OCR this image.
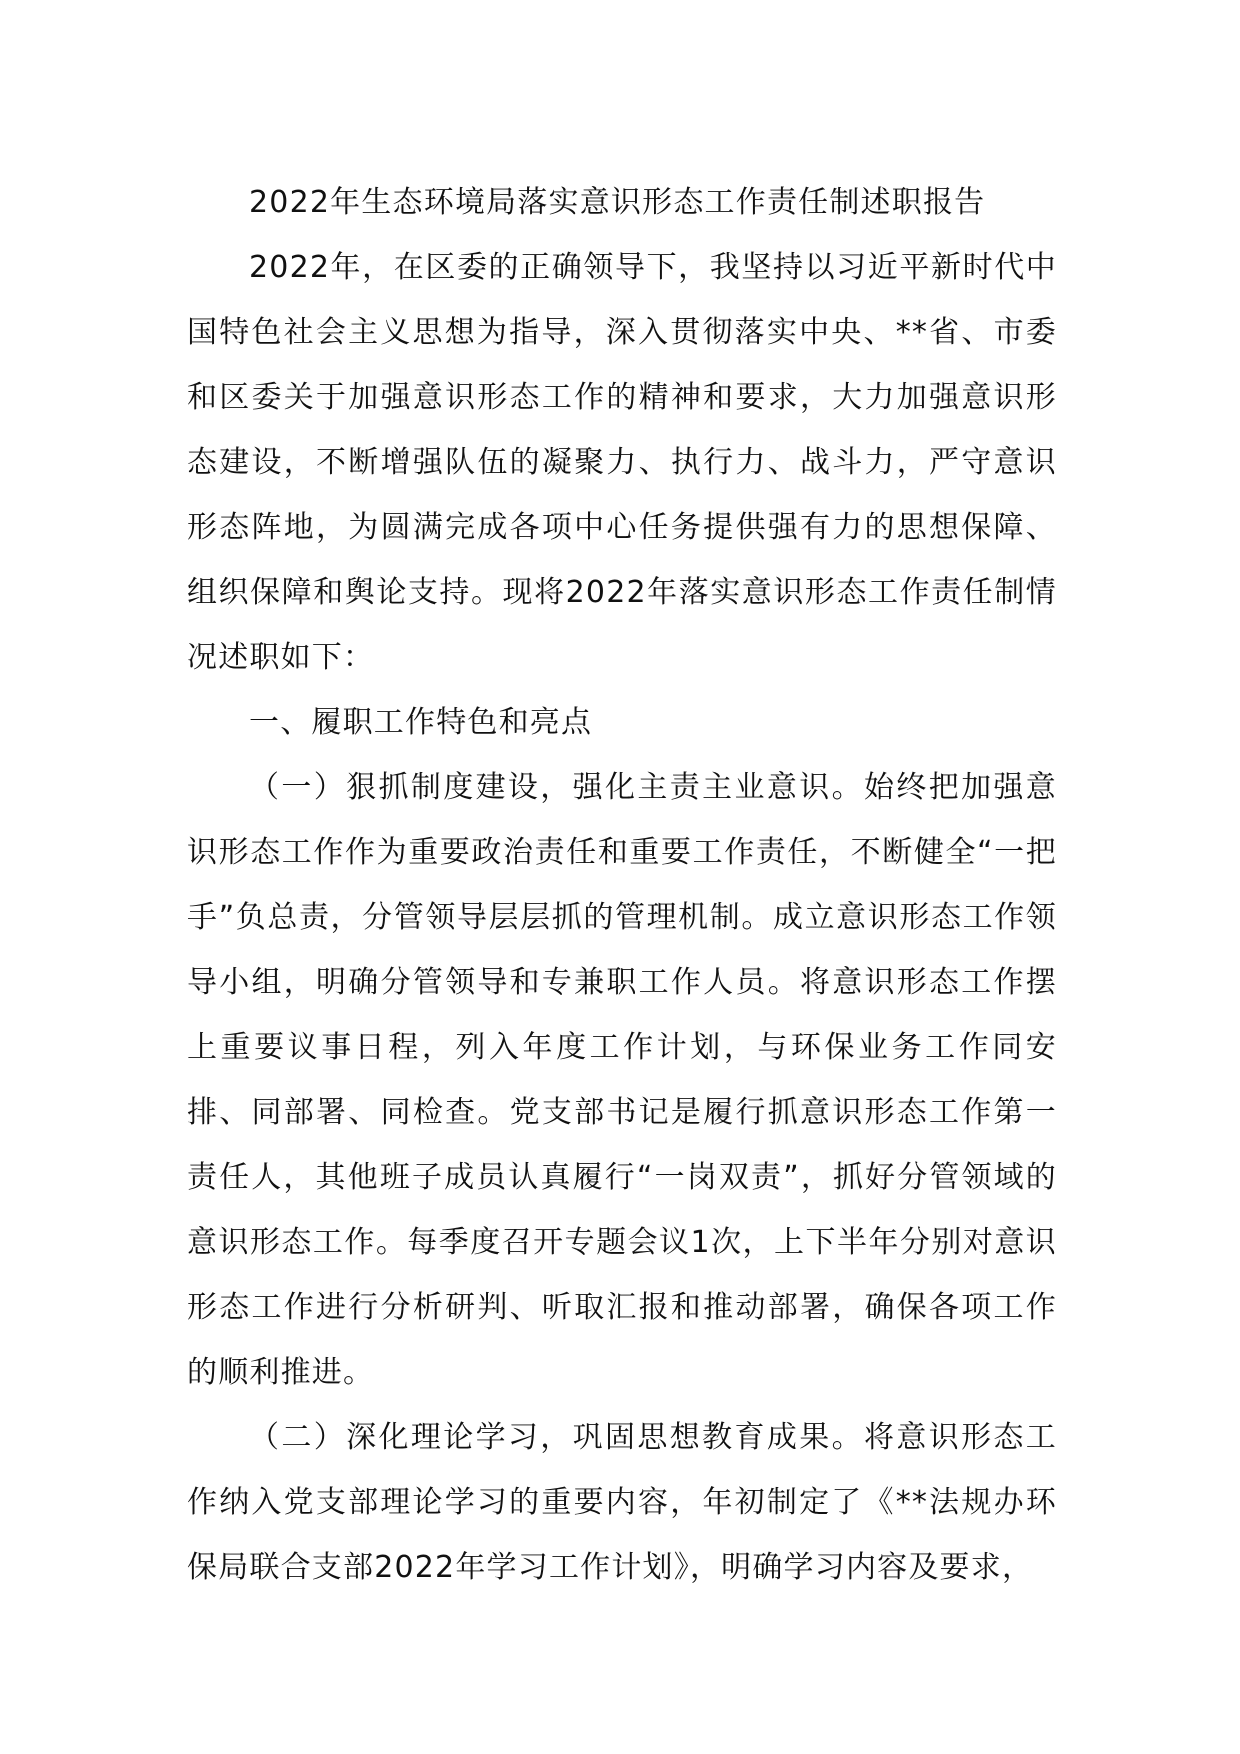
2022年生态环境局落实意识形态工作责任制述职报告

2022年，在区委的正确领导下，我坚持以习近平新时代中国特色社会主义思想为指导，深入贯彻落实中央、**省、市委和区委关于加强意识形态工作的精神和要求，大力加强意识形态建设，不断增强队伍的凝聚力、执行力、战斗力，严守意识形态阵地，为圆满完成各项中心任务提供强有力的思想保障、组织保障和舆论支持。现将2022年落实意识形态工作责任制情况述职如下：

一、履职工作特色和亮点

（一）狠抓制度建设，强化主责主业意识。始终把加强意识形态工作作为重要政治责任和重要工作责任，不断健全“一把手”负总责，分管领导层层抓的管理机制。成立意识形态工作领导小组，明确分管领导和专兼职工作人员。将意识形态工作摆上重要议事日程，列入年度工作计划，与环保业务工作同安排、同部署、同检查。党支部书记是履行抓意识形态工作第一责任人，其他班子成员认真履行“一岗双责”，抓好分管领域的意识形态工作。每季度召开专题会议1次，上下半年分别对意识形态工作进行分析研判、听取汇报和推动部署，确保各项工作的顺利推进。

（二）深化理论学习，巩固思想教育成果。将意识形态工作纳入党支部理论学习的重要内容，年初制定了《**法规办环保局联合支部2022年学习工作计划》，明确学习内容及要求，
